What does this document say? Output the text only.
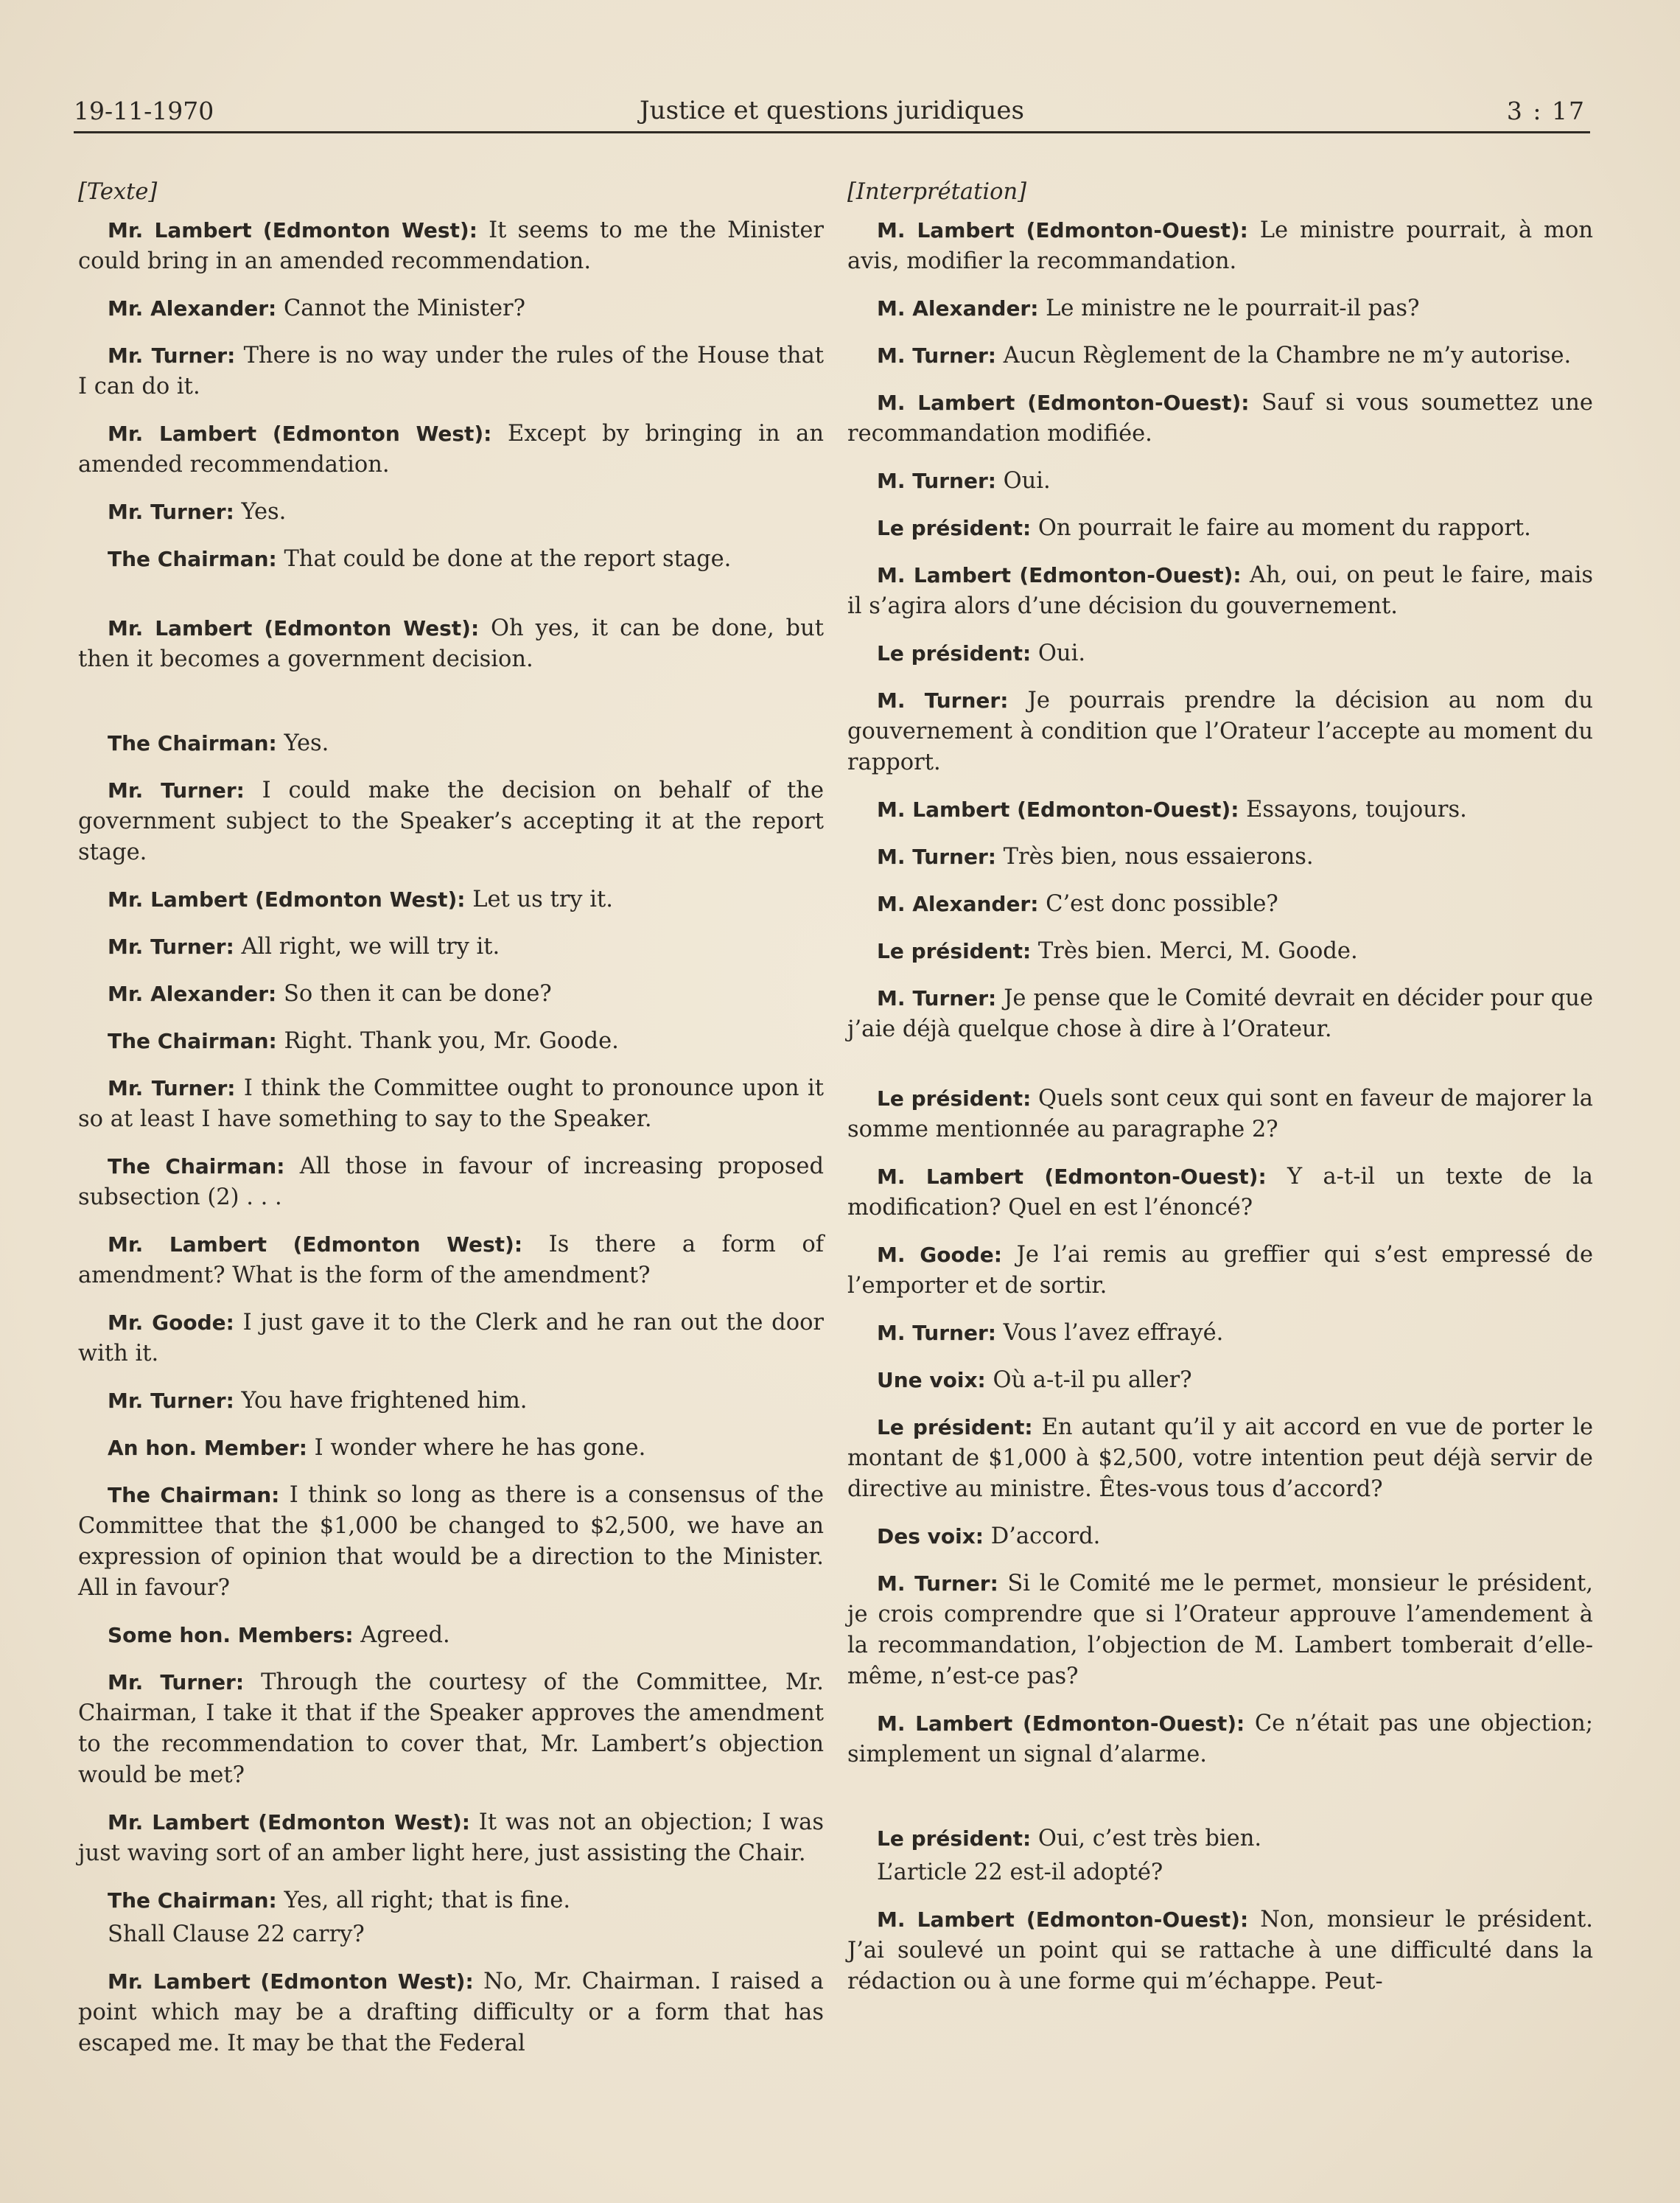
19-11-1970	Justice et questions juridiques	3 : 17
[Texte]

Mr. Lambert (Edmonton West): It seems to me the Minister could bring in an amended recommendation.

Mr. Alexander: Cannot the Minister?

Mr. Turner: There is no way under the rules of the House that I can do it.

Mr. Lambert (Edmonton West): Except by bringing in an amended recommendation.

Mr. Turner: Yes.

The Chairman: That could be done at the report stage.

Mr. Lambert (Edmonton West): Oh yes, it can be done, but then it becomes a government decision.

The Chairman: Yes.

Mr. Turner: I could make the decision on behalf of the government subject to the Speaker’s accepting it at the report stage.

Mr. Lambert (Edmonton West): Let us try it.

Mr. Turner: All right, we will try it.

Mr. Alexander: So then it can be done?

The Chairman: Right. Thank you, Mr. Goode.

Mr. Turner: I think the Committee ought to pronounce upon it so at least I have something to say to the Speaker.

The Chairman: All those in favour of increasing proposed subsection (2) . . .

Mr. Lambert (Edmonton West): Is there a form of amendment? What is the form of the amendment?

Mr. Goode: I just gave it to the Clerk and he ran out the door with it.

Mr. Turner: You have frightened him.

An hon. Member: I wonder where he has gone.

The Chairman: I think so long as there is a consensus of the Committee that the $1,000 be changed to $2,500, we have an expression of opinion that would be a direction to the Minister. All in favour?

Some hon. Members: Agreed.

Mr. Turner: Through the courtesy of the Committee, Mr. Chairman, I take it that if the Speaker approves the amendment to the recommendation to cover that, Mr. Lambert’s objection would be met?

Mr. Lambert (Edmonton West): It was not an objection; I was just waving sort of an amber light here, just assisting the Chair.

The Chairman: Yes, all right; that is fine.

Shall Clause 22 carry?

Mr. Lambert (Edmonton West): No, Mr. Chairman. I raised a point which may be a drafting difficulty or a form that has escaped me. It may be that the Federal

[Interprétation]

M. Lambert (Edmonton-Ouest): Le ministre pourrait, à mon avis, modifier la recommandation.

M. Alexander: Le ministre ne le pourrait-il pas?

M. Turner: Aucun Règlement de la Chambre ne m’y autorise.

M. Lambert (Edmonton-Ouest): Sauf si vous soumettez une recommandation modifiée.

M. Turner: Oui.

Le président: On pourrait le faire au moment du rapport.

M. Lambert (Edmonton-Ouest): Ah, oui, on peut le faire, mais il s’agira alors d’une décision du gouvernement.

Le président: Oui.

M. Turner: Je pourrais prendre la décision au nom du gouvernement à condition que l’Orateur l’accepte au moment du rapport.

M. Lambert (Edmonton-Ouest): Essayons, toujours.

M. Turner: Très bien, nous essaierons.

M. Alexander: C’est donc possible?

Le président: Très bien. Merci, M. Goode.

M. Turner: Je pense que le Comité devrait en décider pour que j’aie déjà quelque chose à dire à l’Orateur.

Le président: Quels sont ceux qui sont en faveur de majorer la somme mentionnée au paragraphe 2?

M. Lambert (Edmonton-Ouest): Y a-t-il un texte de la modification? Quel en est l’énoncé?

M. Goode: Je l’ai remis au greffier qui s’est empressé de l’emporter et de sortir.

M. Turner: Vous l’avez effrayé.

Une voix: Où a-t-il pu aller?

Le président: En autant qu’il y ait accord en vue de porter le montant de $1,000 à $2,500, votre intention peut déjà servir de directive au ministre. Êtes-vous tous d’accord?

Des voix: D’accord.

M. Turner: Si le Comité me le permet, monsieur le président, je crois comprendre que si l’Orateur approuve l’amendement à la recommandation, l’objection de M. Lambert tomberait d’elle-même, n’est-ce pas?

M. Lambert (Edmonton-Ouest): Ce n’était pas une objection; simplement un signal d’alarme.

Le président: Oui, c’est très bien.

L’article 22 est-il adopté?

M. Lambert (Edmonton-Ouest): Non, monsieur le président. J’ai soulevé un point qui se rattache à une difficulté dans la rédaction ou à une forme qui m’échappe. Peut-
